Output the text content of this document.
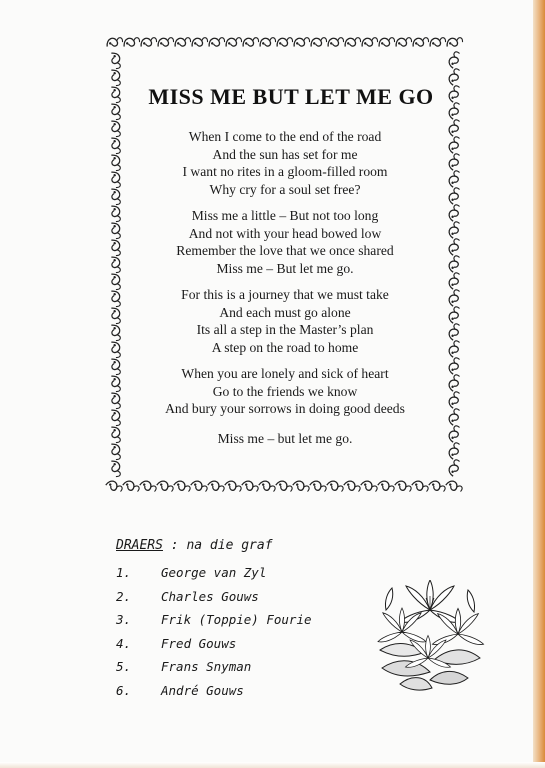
MISS ME BUT LET ME GO
When I come to the end of the road
And the sun has set for me
I want no rites in a gloom-filled room
Why cry for a soul set free?
Miss me a little – But not too long
And not with your head bowed low
Remember the love that we once shared
Miss me – But let me go.
For this is a journey that we must take
And each must go alone
Its all a step in the Master’s plan
A step on the road to home
When you are lonely and sick of heart
Go to the friends we know
And bury your sorrows in doing good deeds
Miss me – but let me go.
DRAERS : na die graf
1. George van Zyl
2. Charles Gouws
3. Frik (Toppie) Fourie
4. Fred Gouws
5. Frans Snyman
6. André Gouws
